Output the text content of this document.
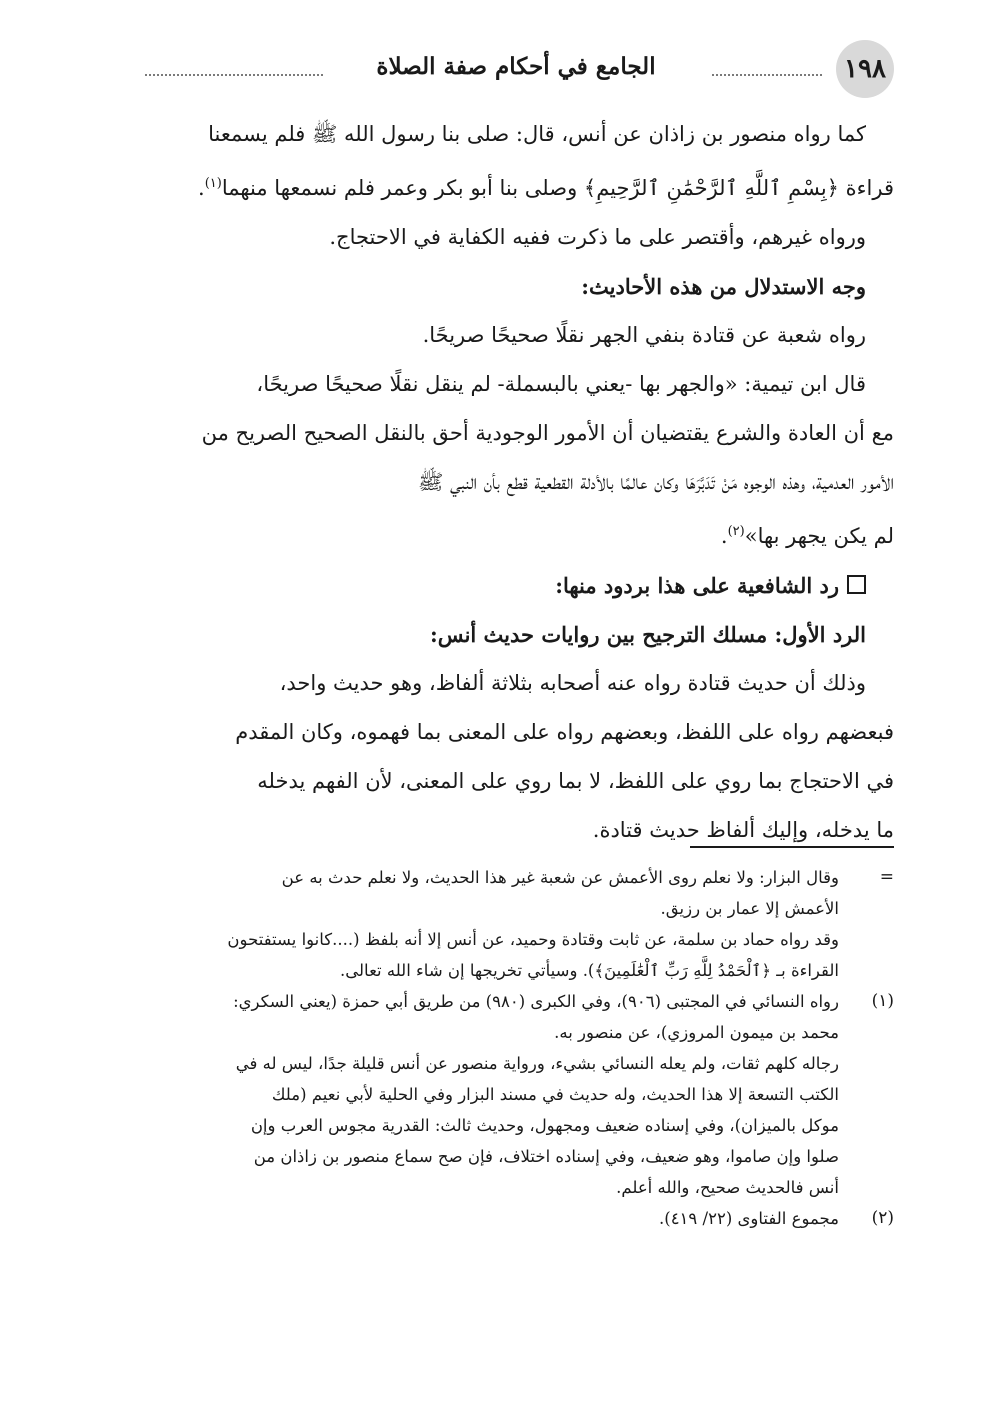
١٩٨
الجامع في أحكام صفة الصلاة

كما رواه منصور بن زاذان عن أنس، قال: صلى بنا رسول الله ﷺ فلم يسمعنا

قراءة ﴿بِسْمِ ٱللَّهِ ٱلرَّحْمَٰنِ ٱلرَّحِيمِ﴾ وصلى بنا أبو بكر وعمر فلم نسمعها منهما$^{(١)}$.

ورواه غيرهم، وأقتصر على ما ذكرت ففيه الكفاية في الاحتجاج.

وجه الاستدلال من هذه الأحاديث:

رواه شعبة عن قتادة بنفي الجهر نقلًا صحيحًا صريحًا.

قال ابن تيمية: «والجهر بها -يعني بالبسملة- لم ينقل نقلًا صحيحًا صريحًا،

مع أن العادة والشرع يقتضيان أن الأمور الوجودية أحق بالنقل الصحيح الصريح من

الأمور العدمية، وهذه الوجوه مَنْ تَدَبَّرَهَا وكان عالمًا بالأدلة القطعية قطع بأن النبي ﷺ

لم يكن يجهر بها»$^{(٢)}$.

رد الشافعية على هذا بردود منها:

الرد الأول: مسلك الترجيح بين روايات حديث أنس:

وذلك أن حديث قتادة رواه عنه أصحابه بثلاثة ألفاظ، وهو حديث واحد،

فبعضهم رواه على اللفظ، وبعضهم رواه على المعنى بما فهموه، وكان المقدم

في الاحتجاج بما روي على اللفظ، لا بما روي على المعنى، لأن الفهم يدخله

ما يدخله، وإليك ألفاظ حديث قتادة.

=
وقال البزار: ولا نعلم روى الأعمش عن شعبة غير هذا الحديث، ولا نعلم حدث به عن
الأعمش إلا عمار بن رزيق.
وقد رواه حماد بن سلمة، عن ثابت وقتادة وحميد، عن أنس إلا أنه بلفظ (....كانوا يستفتحون
القراءة بـ ﴿ٱلْحَمْدُ لِلَّهِ رَبِّ ٱلْعَٰلَمِينَ﴾). وسيأتي تخريجها إن شاء الله تعالى.
(١)
رواه النسائي في المجتبى (٩٠٦)، وفي الكبرى (٩٨٠) من طريق أبي حمزة (يعني السكري:
محمد بن ميمون المروزي)، عن منصور به.
رجاله كلهم ثقات، ولم يعله النسائي بشيء، ورواية منصور عن أنس قليلة جدًا، ليس له في
الكتب التسعة إلا هذا الحديث، وله حديث في مسند البزار وفي الحلية لأبي نعيم (ملك
موكل بالميزان)، وفي إسناده ضعيف ومجهول، وحديث ثالث: القدرية مجوس العرب وإن
صلوا وإن صاموا، وهو ضعيف، وفي إسناده اختلاف، فإن صح سماع منصور بن زاذان من
أنس فالحديث صحيح، والله أعلم.
(٢)
مجموع الفتاوى (٢٢/ ٤١٩).
